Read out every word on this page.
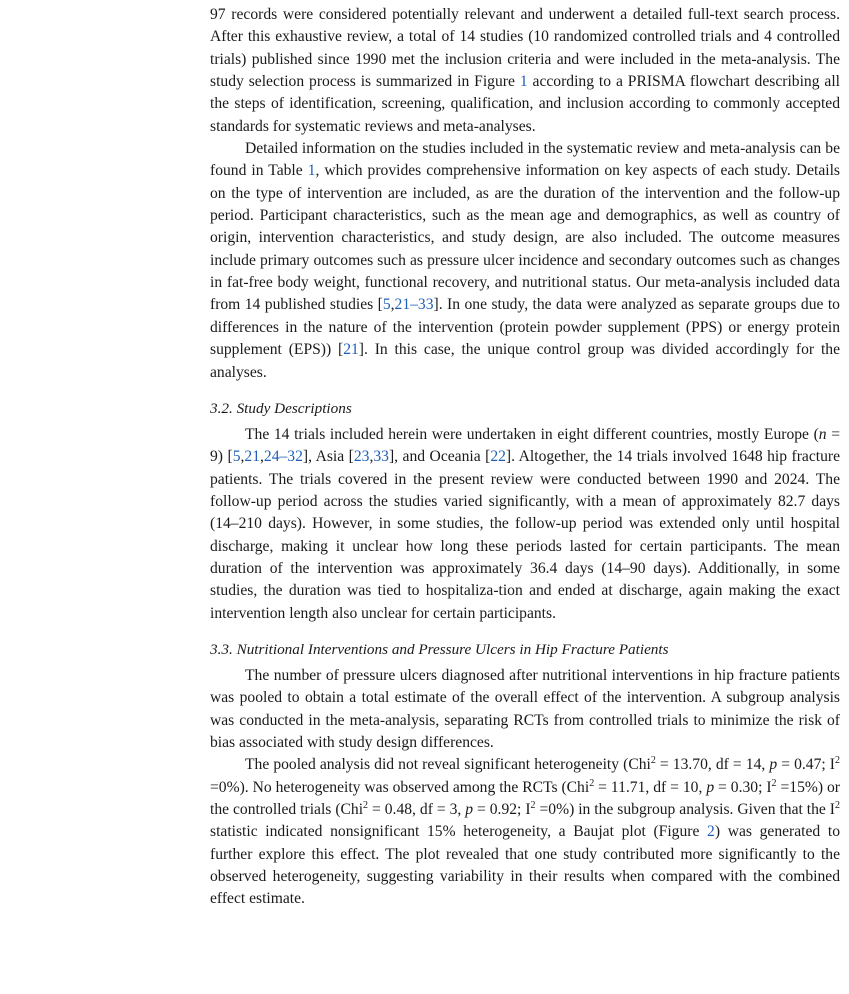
97 records were considered potentially relevant and underwent a detailed full-text search process. After this exhaustive review, a total of 14 studies (10 randomized controlled trials and 4 controlled trials) published since 1990 met the inclusion criteria and were included in the meta-analysis. The study selection process is summarized in Figure 1 according to a PRISMA flowchart describing all the steps of identification, screening, qualification, and inclusion according to commonly accepted standards for systematic reviews and meta-analyses.

Detailed information on the studies included in the systematic review and meta-analysis can be found in Table 1, which provides comprehensive information on key aspects of each study. Details on the type of intervention are included, as are the duration of the intervention and the follow-up period. Participant characteristics, such as the mean age and demographics, as well as country of origin, intervention characteristics, and study design, are also included. The outcome measures include primary outcomes such as pressure ulcer incidence and secondary outcomes such as changes in fat-free body weight, functional recovery, and nutritional status. Our meta-analysis included data from 14 published studies [5,21–33]. In one study, the data were analyzed as separate groups due to differences in the nature of the intervention (protein powder supplement (PPS) or energy protein supplement (EPS)) [21]. In this case, the unique control group was divided accordingly for the analyses.

3.2. Study Descriptions

The 14 trials included herein were undertaken in eight different countries, mostly Europe (n = 9) [5,21,24–32], Asia [23,33], and Oceania [22]. Altogether, the 14 trials involved 1648 hip fracture patients. The trials covered in the present review were conducted between 1990 and 2024. The follow-up period across the studies varied significantly, with a mean of approximately 82.7 days (14–210 days). However, in some studies, the follow-up period was extended only until hospital discharge, making it unclear how long these periods lasted for certain participants. The mean duration of the intervention was approximately 36.4 days (14–90 days). Additionally, in some studies, the duration was tied to hospitaliza-tion and ended at discharge, again making the exact intervention length also unclear for certain participants.

3.3. Nutritional Interventions and Pressure Ulcers in Hip Fracture Patients

The number of pressure ulcers diagnosed after nutritional interventions in hip fracture patients was pooled to obtain a total estimate of the overall effect of the intervention. A subgroup analysis was conducted in the meta-analysis, separating RCTs from controlled trials to minimize the risk of bias associated with study design differences.

The pooled analysis did not reveal significant heterogeneity (Chi$^2$ = 13.70, df = 14, p = 0.47; $I^2 =0\%$). No heterogeneity was observed among the RCTs (Chi$^2$ = 11.71, df = 10, p = 0.30; $I^2 =15\%$) or the controlled trials (Chi$^2$ = 0.48, df = 3, p = 0.92; $I^2 =0\%$) in the subgroup analysis. Given that the $I^2$ statistic indicated nonsignificant 15% heterogeneity, a Baujat plot (Figure 2) was generated to further explore this effect. The plot revealed that one study contributed more significantly to the observed heterogeneity, suggesting variability in their results when compared with the combined effect estimate.
